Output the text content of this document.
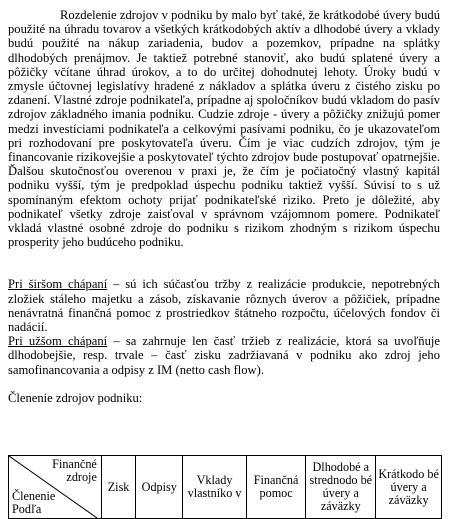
Rozdelenie zdrojov v podniku by malo byť také, že krátkodobé úvery budú použité na úhradu tovarov a všetkých krátkodobých aktív a dlhodobé úvery a vklady budú použité na nákup zariadenia, budov a pozemkov, prípadne na splátky dlhodobých prenájmov. Je taktiež potrebné stanoviť, ako budú splatené úvery a pôžičky včítane úhrad úrokov, a to do určitej dohodnutej lehoty. Úroky budú v zmysle účtovnej legislatívy hradené z nákladov a splátka úveru z čistého zisku po zdanení. Vlastné zdroje podnikateľa, prípadne aj spoločníkov budú vkladom do pasív zdrojov základného imania podniku. Cudzie zdroje - úvery a pôžičky znižujú pomer medzi investíciami podnikateľa a celkovými pasívami podniku, čo je ukazovateľom pri rozhodovaní pre poskytovateľa úveru. Čím je viac cudzích zdrojov, tým je financovanie rizikovejšie a poskytovateľ týchto zdrojov bude postupovať opatrnejšie. Ďalšou skutočnosťou overenou v praxi je, že čím je počiatočný vlastný kapitál podniku vyšší, tým je predpoklad úspechu podniku taktiež vyšší. Súvisí to s už spomínaným efektom ochoty prijať podnikateľské riziko. Preto je dôležité, aby podnikateľ všetky zdroje zaisťoval v správnom vzájomnom pomere. Podnikateľ vkladá vlastné osobné zdroje do podniku s rizikom zhodným s rizikom úspechu prosperity jeho budúceho podniku.

Pri širšom chápaní – sú ich súčasťou tržby z realizácie produkcie, nepotrebných zložiek stáleho majetku a zásob, získavanie rôznych úverov a pôžičiek, prípadne nenávratná finančná pomoc z prostriedkov štátneho rozpočtu, účelových fondov či nadácií.

Pri užšom chápaní – sa zahrnuje len časť tržieb z realizácie, ktorá sa uvoľňuje dlhodobejšie, resp. trvale – časť zisku zadržiavaná v podniku ako zdroj jeho samofinancovania a odpisy z IM (netto cash flow).

Členenie zdrojov podniku:

Finančné zdroje
Členenie Podľa
	Zisk	Odpisy	Vklady vlastníko v	Finančná pomoc	Dlhodobé a strednodo bé úvery a záväzky	Krátkodo bé úvery a záväzky
